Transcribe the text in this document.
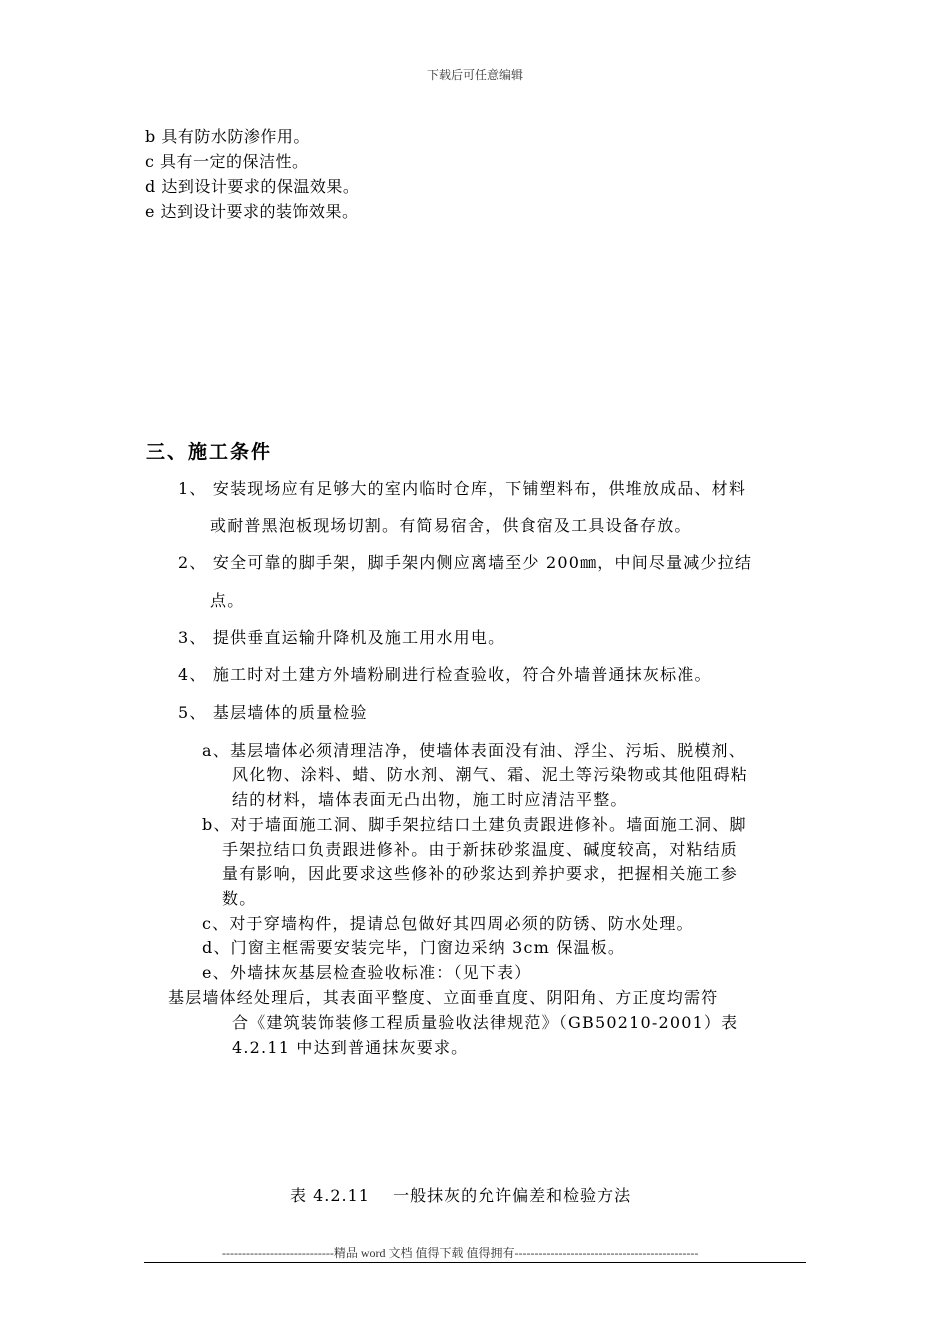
下载后可任意编辑
b 具有防水防渗作用。
c 具有一定的保洁性。
d 达到设计要求的保温效果。
e 达到设计要求的装饰效果。
三、施工条件
1、 安装现场应有足够大的室内临时仓库，下铺塑料布，供堆放成品、材料
或耐普黑泡板现场切割。有简易宿舍，供食宿及工具设备存放。
2、 安全可靠的脚手架，脚手架内侧应离墙至少 200㎜，中间尽量减少拉结
点。
3、 提供垂直运输升降机及施工用水用电。
4、 施工时对土建方外墙粉刷进行检查验收，符合外墙普通抹灰标准。
5、 基层墙体的质量检验
a、基层墙体必须清理洁净，使墙体表面没有油、浮尘、污垢、脱模剂、
风化物、涂料、蜡、防水剂、潮气、霜、泥土等污染物或其他阻碍粘
结的材料，墙体表面无凸出物，施工时应清洁平整。
b、对于墙面施工洞、脚手架拉结口土建负责跟进修补。墙面施工洞、脚
手架拉结口负责跟进修补。由于新抹砂浆温度、碱度较高，对粘结质
量有影响，因此要求这些修补的砂浆达到养护要求，把握相关施工参
数。
c、对于穿墙构件，提请总包做好其四周必须的防锈、防水处理。
d、门窗主框需要安装完毕，门窗边采纳 3cm 保温板。
e、外墙抹灰基层检查验收标准：（见下表）
基层墙体经处理后，其表面平整度、立面垂直度、阴阳角、方正度均需符
合《建筑装饰装修工程质量验收法律规范》（GB50210-2001）表
4.2.11 中达到普通抹灰要求。
表 4.2.11　 一般抹灰的允许偏差和检验方法
----------------------------精品 word 文档 值得下载 值得拥有----------------------------------------------
